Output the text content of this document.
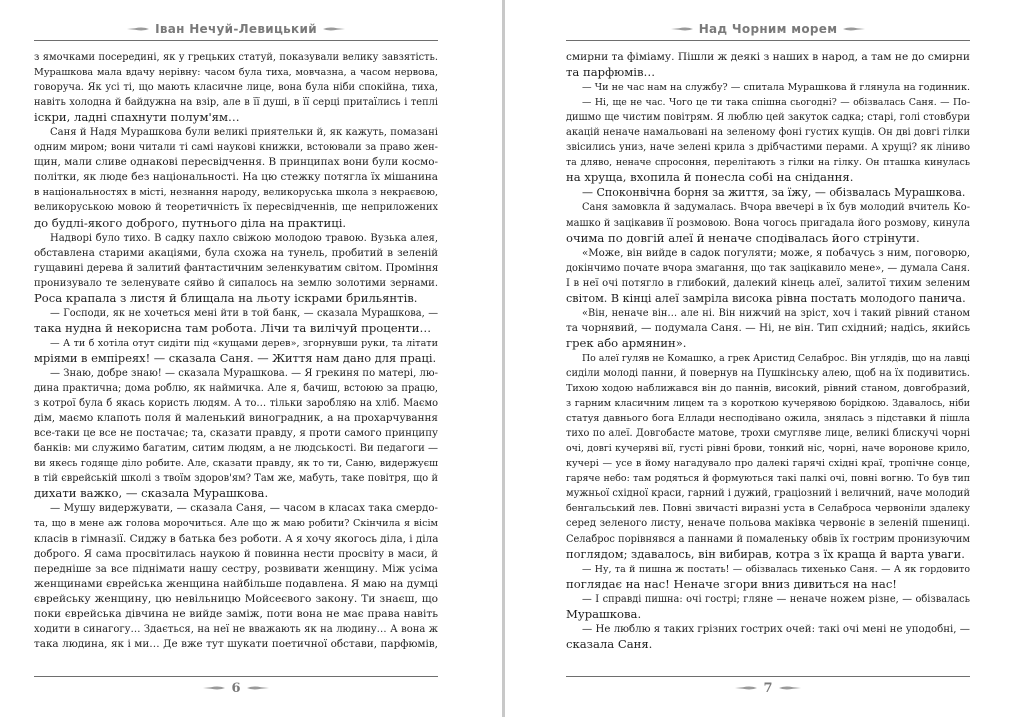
Іван Нечуй-Левицький
з ямочками посередині, як у грецьких статуй, показували велику завзятість.
Мурашкова мала вдачу нерівну: часом була тиха, мовчазна, а часом нервова,
говоруча. Як усі ті, що мають класичне лице, вона була ніби спокійна, тиха,
навіть холодна й байдужна на взір, але в її душі, в її серці притаїлись і теплі
іскри, ладні спахнути полум'ям…
Саня й Надя Мурашкова були великі приятельки й, як кажуть, помазані
одним миром; вони читали ті самі наукові книжки, встоювали за право жен-
щин, мали сливе однакові пересвідчення. В принципах вони були космо-
політки, як люде без національності. На цю стежку потягла їх мішанина
в національностях в місті, незнання народу, великоруська школа з некраєвою,
великоруською мовою й теоретичність їх пересвідченнів, ще неприложених
до будлі-якого доброго, путнього діла на практиці.
Надворі було тихо. В садку пахло свіжою молодою травою. Вузька алея,
обставлена старими акаціями, була схожа на тунель, пробитий в зеленій
гущавині дерева й залитий фантастичним зеленкуватим світом. Проміння
пронизувало те зеленувате сяйво й сипалось на землю золотими зернами.
Роса крапала з листя й блищала на льоту іскрами брильянтів.
— Господи, як не хочеться мені йти в той банк, — сказала Мурашкова, —
така нудна й некорисна там робота. Лічи та вилічуй проценти…
— А ти б хотіла отут сидіти під «кущами дерев», згорнувши руки, та літати
мріями в емпіреях! — сказала Саня. — Життя нам дано для праці.
— Знаю, добре знаю! — сказала Мурашкова. — Я грекиня по матері, лю-
дина практична; дома роблю, як наймичка. Але я, бачиш, встоюю за працю,
з котрої була б якась користь людям. А то… тільки заробляю на хліб. Маємо
дім, маємо клапоть поля й маленький виноградник, а на прохарчування
все-таки це все не постачає; та, сказати правду, я проти самого принципу
банків: ми служимо багатим, ситим людям, а не людськості. Ви педагоги —
ви якесь годяще діло робите. Але, сказати правду, як то ти, Саню, видержуєш
в тій єврейській школі з твоїм здоров'ям? Там же, мабуть, таке повітря, що й
дихати важко, — сказала Мурашкова.
— Мушу видержувати, — сказала Саня, — часом в класах така смердо-
та, що в мене аж голова морочиться. Але що ж маю робити? Скінчила я вісім
класів в гімназії. Сиджу в батька без роботи. А я хочу якогось діла, і діла
доброго. Я сама просвітилась наукою й повинна нести просвіту в маси, й
передніше за все піднімати нашу сестру, розвивати женщину. Між усіма
женщинами єврейська женщина найбільше подавлена. Я маю на думці
єврейську женщину, цю невільницю Мойсеєвого закону. Ти знаєш, що
поки єврейська дівчина не вийде заміж, поти вона не має права навіть
ходити в синагогу… Здається, на неї не вважають як на людину… А вона ж
така людина, як і ми… Де вже тут шукати поетичної обстави, парфюмів,
6
Над Чорним морем
смирни та фіміаму. Пішли ж деякі з наших в народ, а там не до смирни
та парфюмів…
— Чи не час нам на службу? — спитала Мурашкова й глянула на годинник.
— Ні, ще не час. Чого це ти така спішна сьогодні? — обізвалась Саня. — По-
дишмо ще чистим повітрям. Я люблю цей закуток садка; старі, голі стовбури
акацій неначе намальовані на зеленому фоні густих кущів. Он дві довгі гілки
звісились униз, наче зелені крила з дрібчастими перами. А хрущі? як ліниво
та дляво, неначе спросоння, перелітають з гілки на гілку. Он пташка кинулась
на хруща, вхопила й понесла собі на снідання.
— Споконвічна борня за життя, за їжу, — обізвалась Мурашкова.
Саня замовкла й задумалась. Вчора ввечері в їх був молодий вчитель Ко-
машко й зацікавив її розмовою. Вона чогось пригадала його розмову, кинула
очима по довгій алеї й неначе сподівалась його стрінути.
«Може, він вийде в садок погуляти; може, я побачусь з ним, поговорю,
докінчимо почате вчора змагання, що так зацікавило мене», — думала Саня.
І в неї очі потягло в глибокий, далекий кінець алеї, залитої тихим зеленим
світом. В кінці алеї замріла висока рівна постать молодого панича.
«Він, неначе він… але ні. Він нижчий на зріст, хоч і такий рівний станом
та чорнявий, — подумала Саня. — Ні, не він. Тип східний; надісь, якийсь
грек або армянин».
По алеї гуляв не Комашко, а грек Аристид Селаброс. Він углядів, що на лавці
сиділи молоді панни, й повернув на Пушкінську алею, щоб на їх подивитись.
Тихою ходою наближався він до паннів, високий, рівний станом, довгобразий,
з гарним класичним лицем та з короткою кучерявою борідкою. Здавалось, ніби
статуя давнього бога Еллади несподівано ожила, знялась з підставки й пішла
тихо по алеї. Довгобасте матове, трохи смугляве лице, великі блискучі чорні
очі, довгі кучеряві вії, густі рівні брови, тонкий ніс, чорні, наче воронове крило,
кучері — усе в йому нагадувало про далекі гарячі східні краї, тропічне сонце,
гаряче небо: там родяться й формуються такі палкі очі, повні вогню. То був тип
мужньої східної краси, гарний і дужий, граціозний і величний, наче молодий
бенгальський лев. Повні звичасті виразні уста в Селаброса червоніли здалеку
серед зеленого листу, неначе польова маківка червоніє в зеленій пшениці.
Селаброс порівнявся а паннами й помаленьку обвів їх гострим пронизуючим
поглядом; здавалось, він вибирав, котра з їх краща й варта уваги.
— Ну, та й пишна ж постать! — обізвалась тихенько Саня. — А як гордовито
поглядає на нас! Неначе згори вниз дивиться на нас!
— І справді пишна: очі гострі; гляне — неначе ножем різне, — обізвалась
Мурашкова.
— Не люблю я таких грізних гострих очей: такі очі мені не уподобні, —
сказала Саня.
7
